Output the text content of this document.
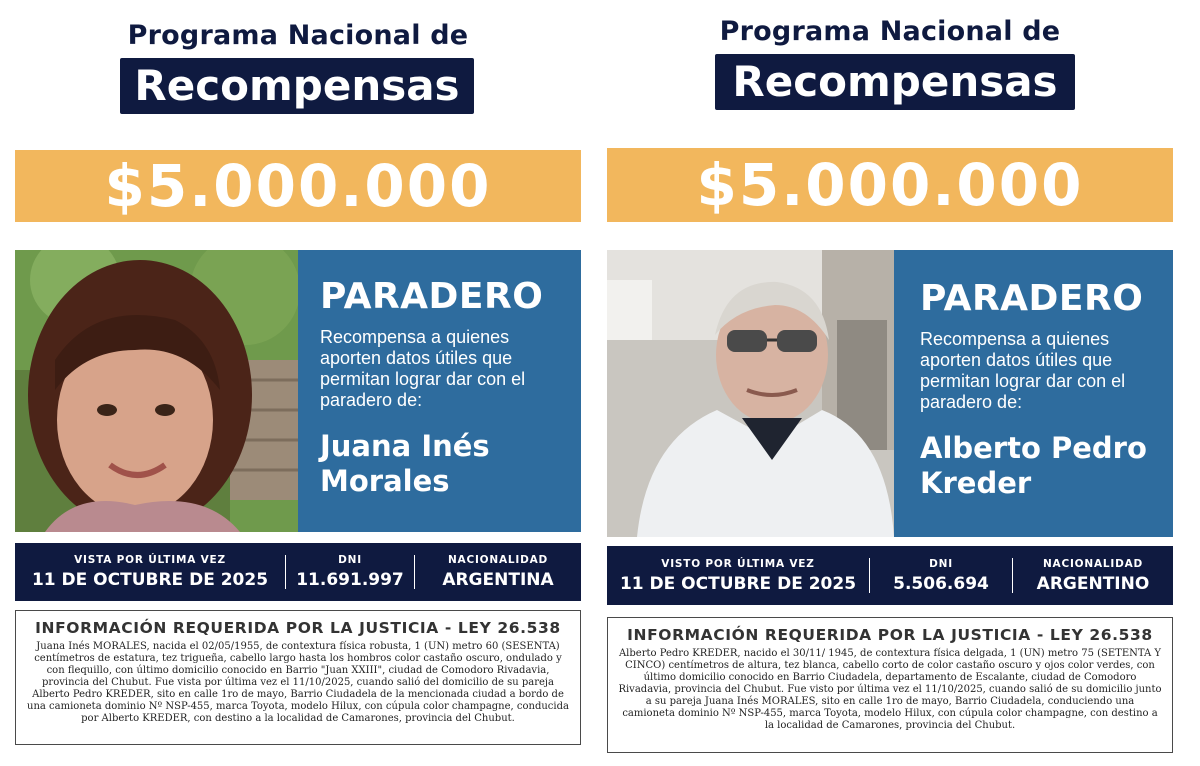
Programa Nacional de
Recompensas
$5.000.000
PARADERO
Recompensa a quienes aporten datos útiles que permitan lograr dar con el paradero de:
Juana Inés
Morales
VISTA POR ÚLTIMA VEZ
11 DE OCTUBRE DE 2025
DNI
11.691.997
NACIONALIDAD
ARGENTINA
INFORMACIÓN REQUERIDA POR LA JUSTICIA - LEY 26.538
Juana Inés MORALES, nacida el 02/05/1955, de contextura física robusta, 1 (UN) metro 60 (SESENTA) centímetros de estatura, tez trigueña, cabello largo hasta los hombros color castaño oscuro, ondulado y con flequillo, con último domicilio conocido en Barrio "Juan XXIII", ciudad de Comodoro Rivadavia, provincia del Chubut. Fue vista por última vez el 11/10/2025, cuando salió del domicilio de su pareja Alberto Pedro KREDER, sito en calle 1ro de mayo, Barrio Ciudadela de la mencionada ciudad a bordo de una camioneta dominio Nº NSP-455, marca Toyota, modelo Hilux, con cúpula color champagne, conducida por Alberto KREDER, con destino a la localidad de Camarones, provincia del Chubut.
Programa Nacional de
Recompensas
$5.000.000
PARADERO
Recompensa a quienes aporten datos útiles que permitan lograr dar con el paradero de:
Alberto Pedro
Kreder
VISTO POR ÚLTIMA VEZ
11 DE OCTUBRE DE 2025
DNI
5.506.694
NACIONALIDAD
ARGENTINO
INFORMACIÓN REQUERIDA POR LA JUSTICIA - LEY 26.538
Alberto Pedro KREDER, nacido el 30/11/ 1945, de contextura física delgada, 1 (UN) metro 75 (SETENTA Y CINCO) centímetros de altura, tez blanca, cabello corto de color castaño oscuro y ojos color verdes, con último domicilio conocido en Barrio Ciudadela, departamento de Escalante, ciudad de Comodoro Rivadavia, provincia del Chubut. Fue visto por última vez el 11/10/2025, cuando salió de su domicilio junto a su pareja Juana Inés MORALES, sito en calle 1ro de mayo, Barrio Ciudadela, conduciendo una camioneta dominio Nº NSP-455, marca Toyota, modelo Hilux, con cúpula color champagne, con destino a la localidad de Camarones, provincia del Chubut.
